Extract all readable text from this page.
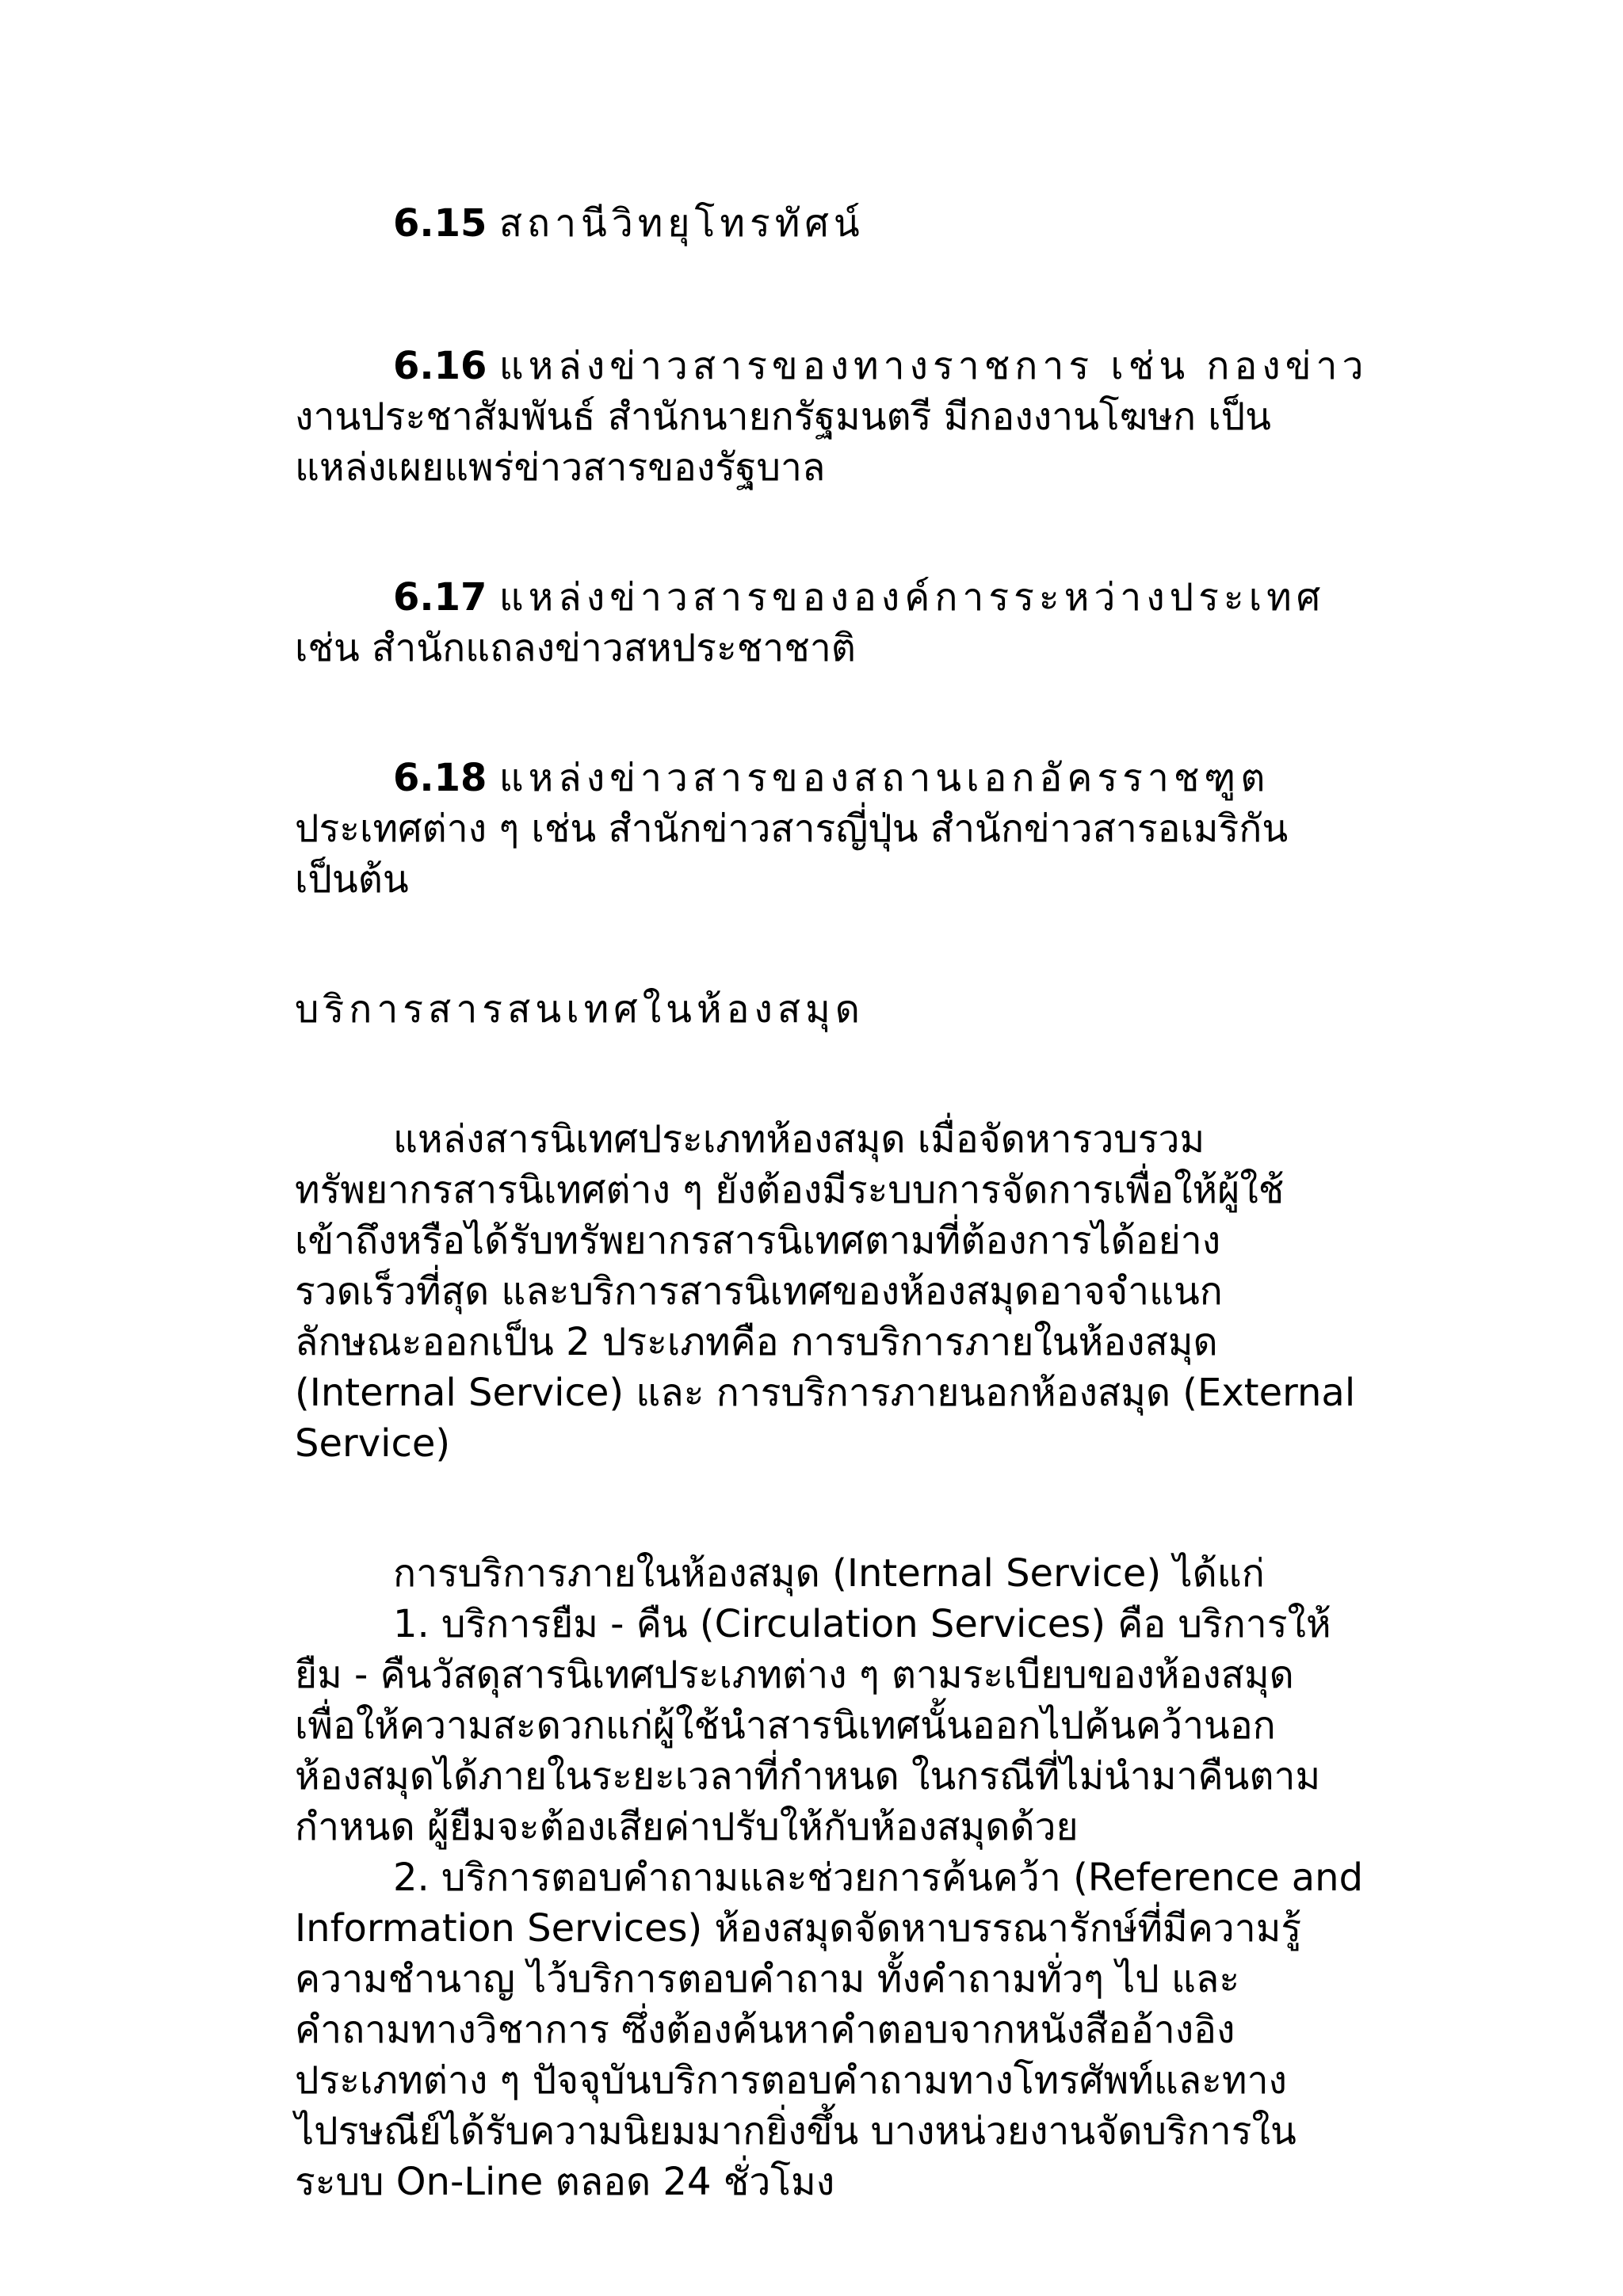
6.15 สถานีวิทยุโทรทัศน์

6.16 แหล่งข่าวสารของทางราชการ เช่น กองข่าว
งานประชาสัมพันธ์ สำนักนายกรัฐมนตรี มีกองงานโฆษก เป็น
แหล่งเผยแพร่ข่าวสารของรัฐบาล
6.17 แหล่งข่าวสารขององค์การระหว่างประเทศ
เช่น สำนักแถลงข่าวสหประชาชาติ
6.18 แหล่งข่าวสารของสถานเอกอัครราชฑูต
ประเทศต่าง ๆ เช่น สำนักข่าวสารญี่ปุ่น สำนักข่าวสารอเมริกัน
เป็นต้น

บริการสารสนเทศในห้องสมุด

แหล่งสารนิเทศประเภทห้องสมุด เมื่อจัดหารวบรวม
ทรัพยากรสารนิเทศต่าง ๆ ยังต้องมีระบบการจัดการเพื่อให้ผู้ใช้
เข้าถึงหรือได้รับทรัพยากรสารนิเทศตามที่ต้องการได้อย่าง
รวดเร็วที่สุด และบริการสารนิเทศของห้องสมุดอาจจำแนก
ลักษณะออกเป็น 2 ประเภทคือ การบริการภายในห้องสมุด
(Internal Service) และ การบริการภายนอกห้องสมุด (External
Service)

การบริการภายในห้องสมุด (Internal Service) ได้แก่

1. บริการยืม - คืน (Circulation Services) คือ บริการให้
ยืม - คืนวัสดุสารนิเทศประเภทต่าง ๆ ตามระเบียบของห้องสมุด
เพื่อให้ความสะดวกแก่ผู้ใช้นำสารนิเทศนั้นออกไปค้นคว้านอก
ห้องสมุดได้ภายในระยะเวลาที่กำหนด ในกรณีที่ไม่นำมาคืนตาม
กำหนด ผู้ยืมจะต้องเสียค่าปรับให้กับห้องสมุดด้วย
2. บริการตอบคำถามและช่วยการค้นคว้า (Reference and
Information Services) ห้องสมุดจัดหาบรรณารักษ์ที่มีความรู้
ความชำนาญ ไว้บริการตอบคำถาม ทั้งคำถามทั่วๆ ไป และ
คำถามทางวิชาการ ซึ่งต้องค้นหาคำตอบจากหนังสืออ้างอิง
ประเภทต่าง ๆ ปัจจุบันบริการตอบคำถามทางโทรศัพท์และทาง
ไปรษณีย์ได้รับความนิยมมากยิ่งขึ้น บางหน่วยงานจัดบริการใน
ระบบ On-Line ตลอด 24 ชั่วโมง
